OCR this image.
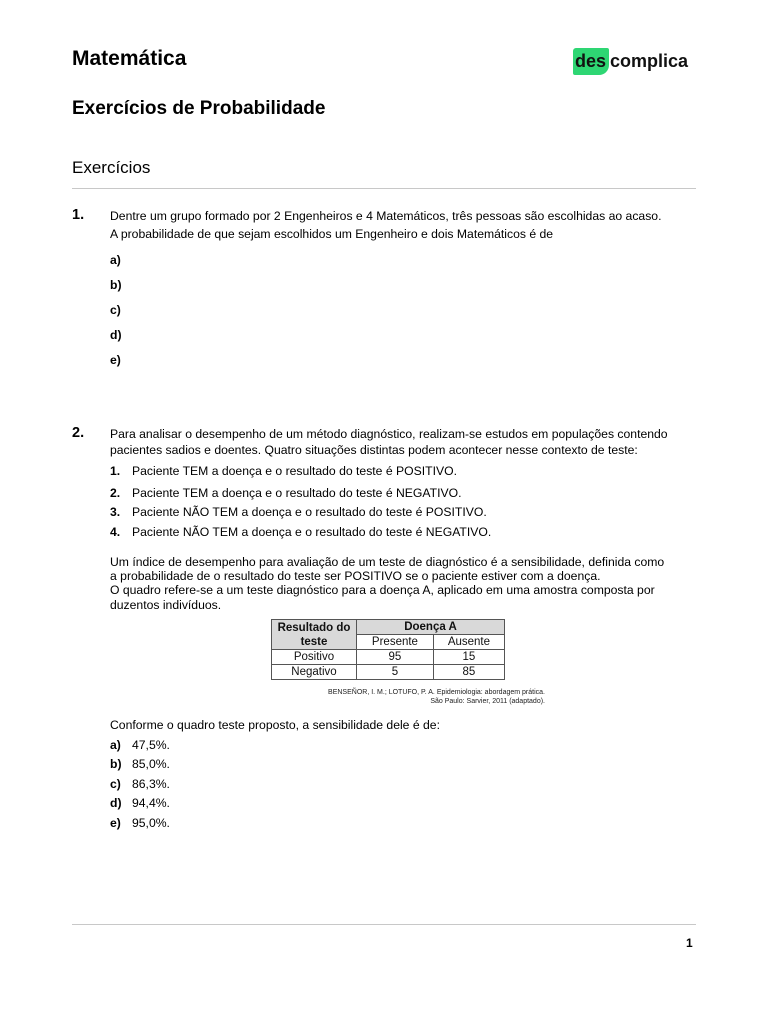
Matemática	des complica
Exercícios de Probabilidade
Exercícios
1. Dentre um grupo formado por 2 Engenheiros e 4 Matemáticos, três pessoas são escolhidas ao acaso.
A probabilidade de que sejam escolhidos um Engenheiro e dois Matemáticos é de
a)
b)
c)
d)
e)
2. Para analisar o desempenho de um método diagnóstico, realizam-se estudos em populações contendo
pacientes sadios e doentes. Quatro situações distintas podem acontecer nesse contexto de teste:
1. Paciente TEM a doença e o resultado do teste é POSITIVO.
2. Paciente TEM a doença e o resultado do teste é NEGATIVO.
3. Paciente NÃO TEM a doença e o resultado do teste é POSITIVO.
4. Paciente NÃO TEM a doença e o resultado do teste é NEGATIVO.
Um índice de desempenho para avaliação de um teste de diagnóstico é a sensibilidade, definida como
a probabilidade de o resultado do teste ser POSITIVO se o paciente estiver com a doença.
O quadro refere-se a um teste diagnóstico para a doença A, aplicado em uma amostra composta por
duzentos indivíduos.
Resultado do
teste	Doença A	
	Presente	Ausente
Positivo	95	15
Negativo	5	85
BENSEÑOR, I. M.; LOTUFO, P. A. Epidemiologia: abordagem prática.
São Paulo: Sarvier, 2011 (adaptado).
Conforme o quadro teste proposto, a sensibilidade dele é de:
a) 47,5%.
b) 85,0%.
c) 86,3%.
d) 94,4%.
e) 95,0%.
1
